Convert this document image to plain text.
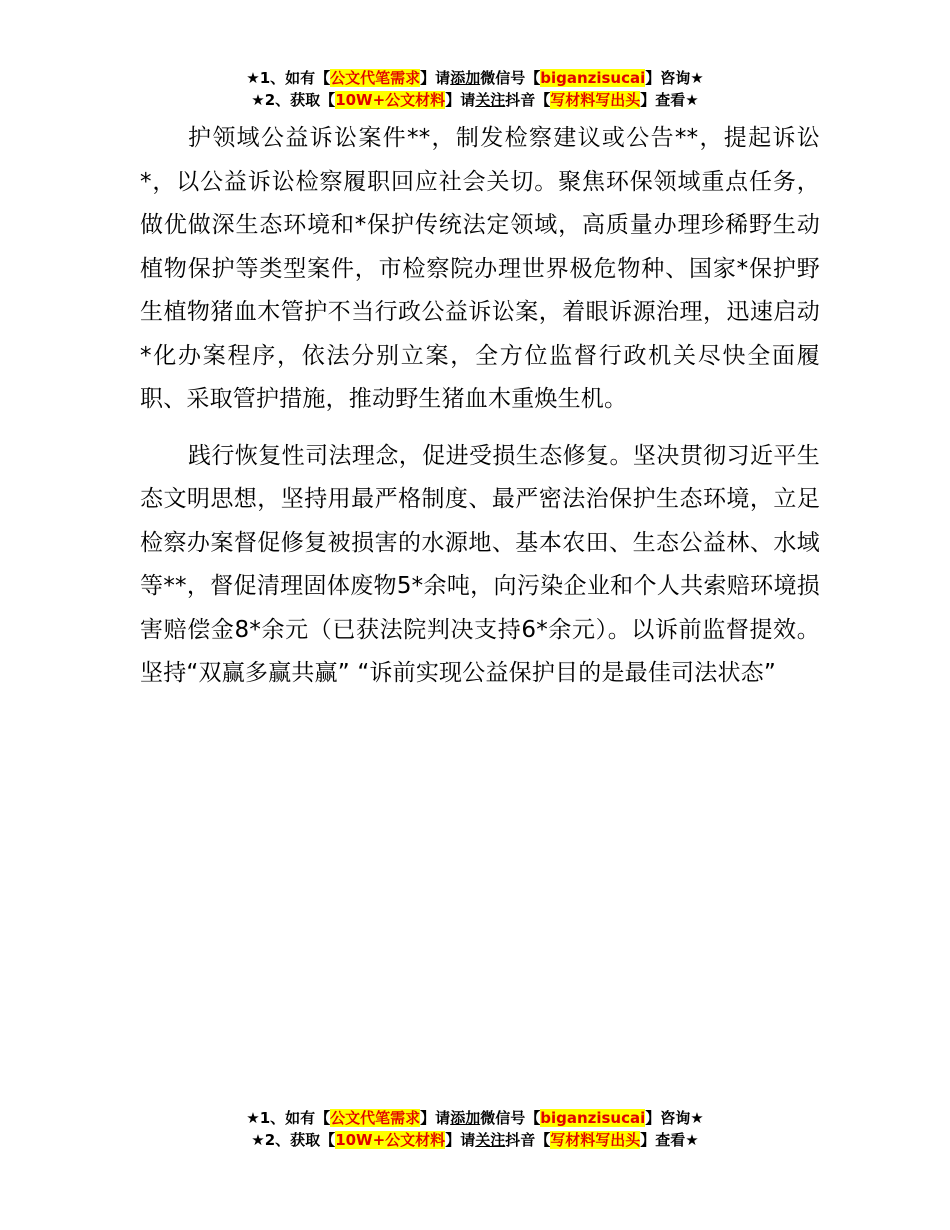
★1、如有【公文代笔需求】请添加微信号【biganzisucai】咨询★
★2、获取【10W+公文材料】请关注抖音【写材料写出头】查看★

护领域公益诉讼案件**，制发检察建议或公告**，提起诉讼*，以公益诉讼检察履职回应社会关切。聚焦环保领域重点任务，做优做深生态环境和*保护传统法定领域，高质量办理珍稀野生动植物保护等类型案件，市检察院办理世界极危物种、国家*保护野生植物猪血木管护不当行政公益诉讼案，着眼诉源治理，迅速启动*化办案程序，依法分别立案，全方位监督行政机关尽快全面履职、采取管护措施，推动野生猪血木重焕生机。

践行恢复性司法理念，促进受损生态修复。坚决贯彻习近平生态文明思想，坚持用最严格制度、最严密法治保护生态环境，立足检察办案督促修复被损害的水源地、基本农田、生态公益林、水域等**，督促清理固体废物5*余吨，向污染企业和个人共索赔环境损害赔偿金8*余元（已获法院判决支持6*余元）。以诉前监督提效。坚持“双赢多赢共赢” “诉前实现公益保护目的是最佳司法状态”

★1、如有【公文代笔需求】请添加微信号【biganzisucai】咨询★
★2、获取【10W+公文材料】请关注抖音【写材料写出头】查看★
